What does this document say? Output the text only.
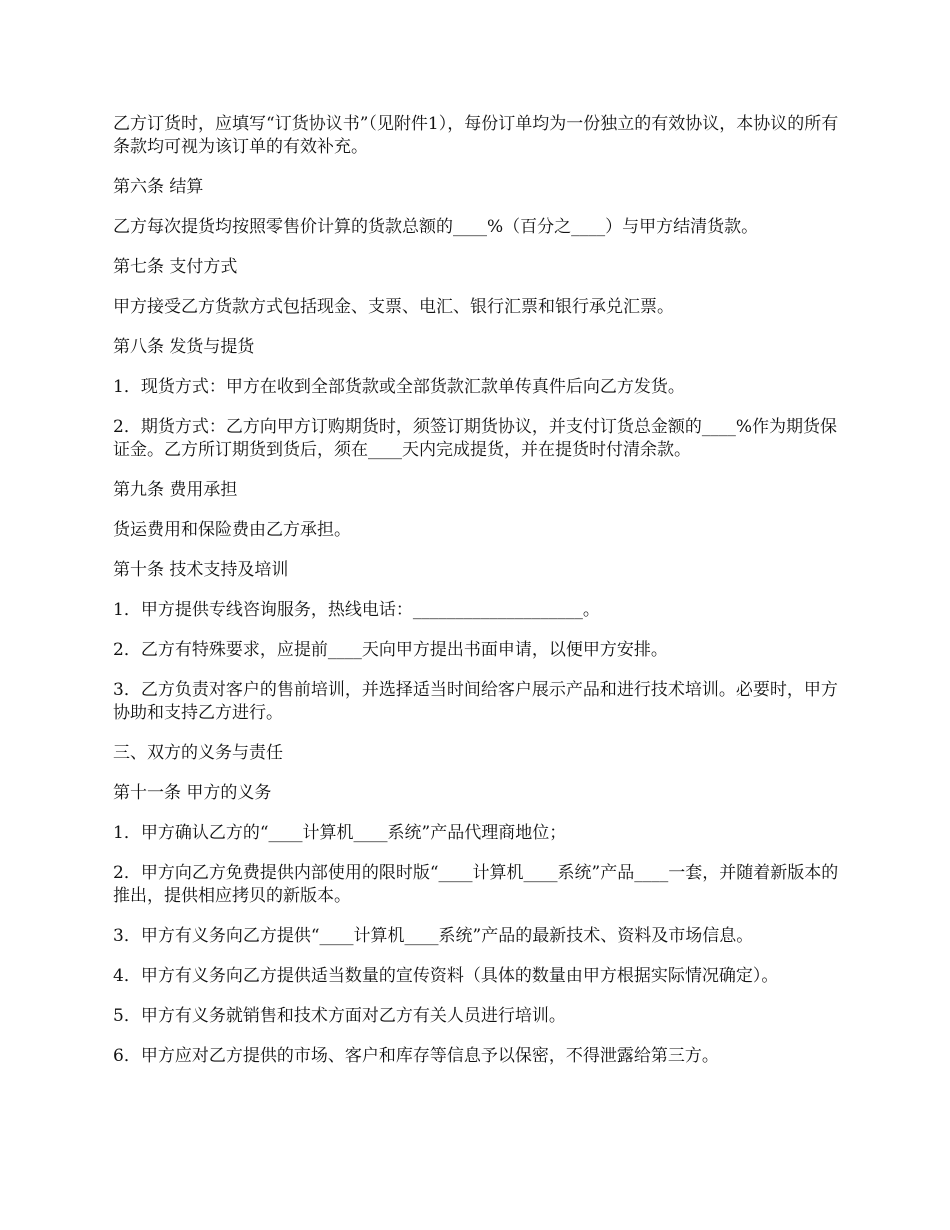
乙方订货时，应填写“订货协议书”（见附件1），每份订单均为一份独立的有效协议，本协议的所有条款均可视为该订单的有效补充。

第六条 结算

乙方每次提货均按照零售价计算的货款总额的____%（百分之____）与甲方结清货款。

第七条 支付方式

甲方接受乙方货款方式包括现金、支票、电汇、银行汇票和银行承兑汇票。

第八条 发货与提货

1．现货方式：甲方在收到全部货款或全部货款汇款单传真件后向乙方发货。

2．期货方式：乙方向甲方订购期货时，须签订期货协议，并支付订货总金额的____%作为期货保证金。乙方所订期货到货后，须在____天内完成提货，并在提货时付清余款。

第九条 费用承担

货运费用和保险费由乙方承担。

第十条 技术支持及培训

1．甲方提供专线咨询服务，热线电话：____________________。

2．乙方有特殊要求，应提前____天向甲方提出书面申请，以便甲方安排。

3．乙方负责对客户的售前培训，并选择适当时间给客户展示产品和进行技术培训。必要时，甲方协助和支持乙方进行。

三、双方的义务与责任

第十一条 甲方的义务

1．甲方确认乙方的“____计算机____系统”产品代理商地位；

2．甲方向乙方免费提供内部使用的限时版“____计算机____系统”产品____一套，并随着新版本的推出，提供相应拷贝的新版本。

3．甲方有义务向乙方提供“____计算机____系统”产品的最新技术、资料及市场信息。

4．甲方有义务向乙方提供适当数量的宣传资料（具体的数量由甲方根据实际情况确定）。

5．甲方有义务就销售和技术方面对乙方有关人员进行培训。

6．甲方应对乙方提供的市场、客户和库存等信息予以保密，不得泄露给第三方。
